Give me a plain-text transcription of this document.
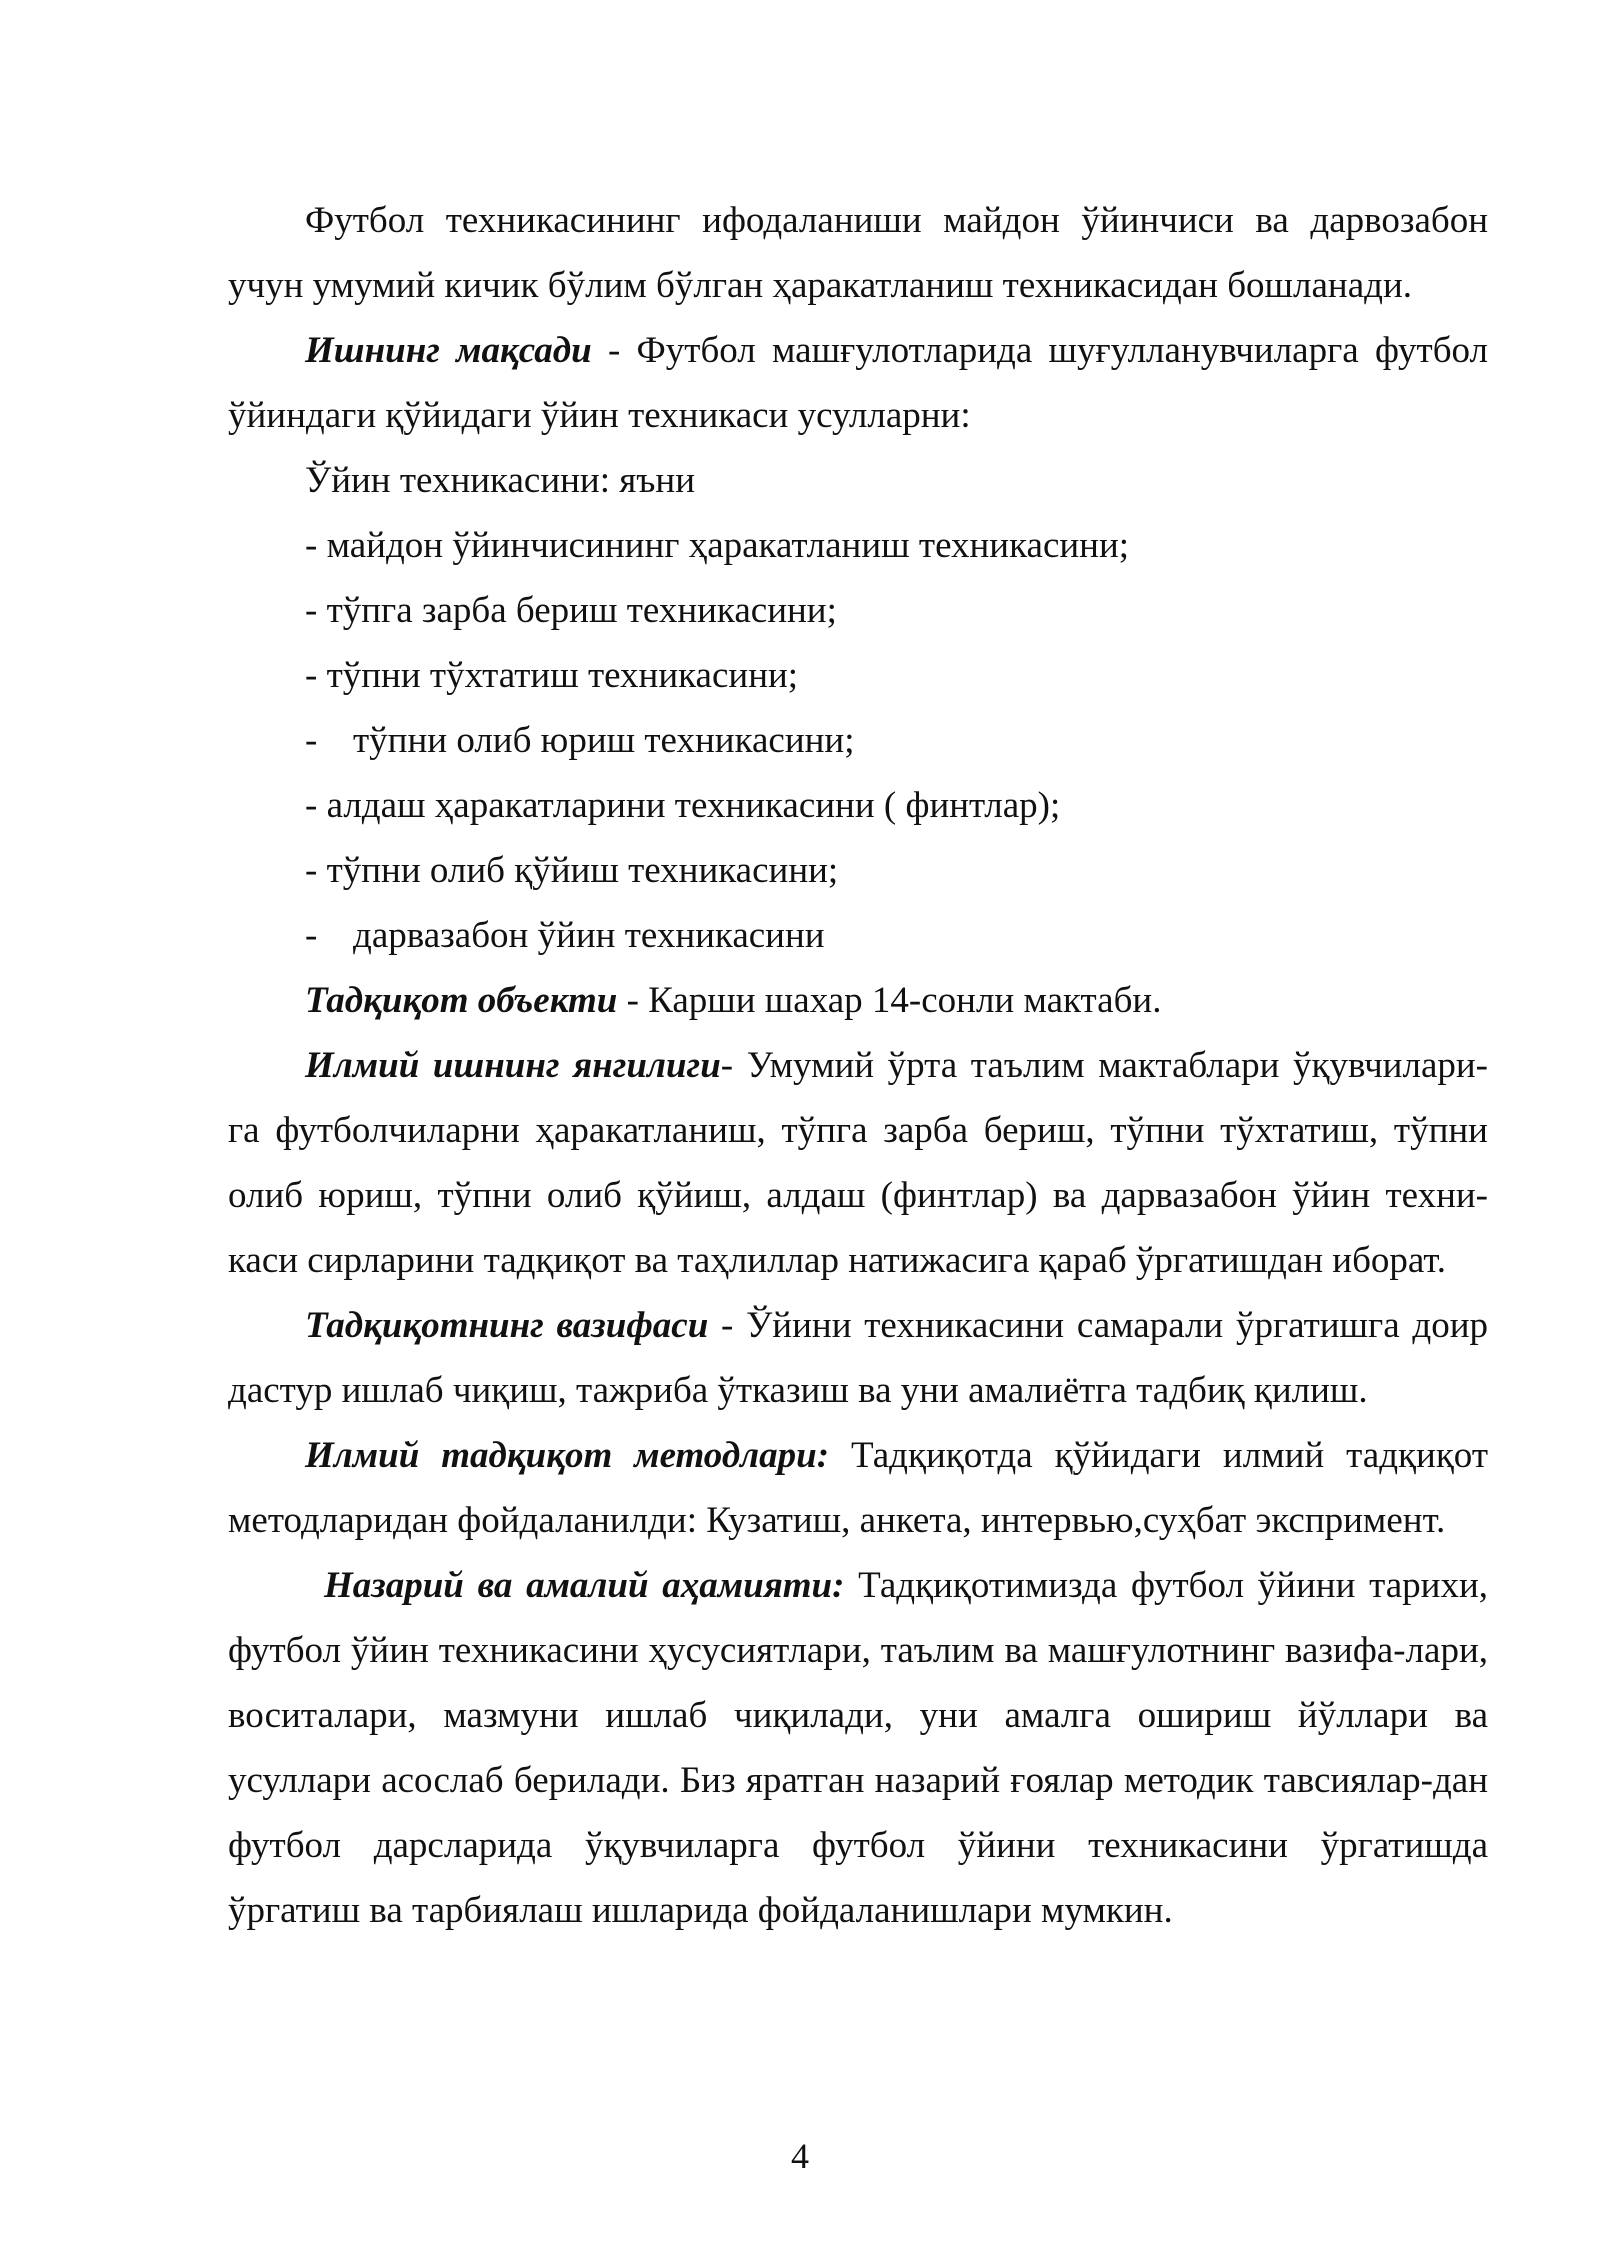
Футбол техникасининг ифодаланиши майдон ўйинчиси ва дарвозабон учун умумий кичик бўлим бўлган ҳаракатланиш техникасидан бошланади.

Ишнинг мақсади - Футбол машғулотларида шуғулланувчиларга футбол ўйиндаги қўйидаги ўйин техникаси усулларни:

Ўйин техникасини: яъни

- майдон ўйинчисининг ҳаракатланиш техникасини;

- тўпга зарба бериш техникасини;

- тўпни тўхтатиш техникасини;

- тўпни олиб юриш техникасини;

- алдаш ҳаракатларини техникасини ( финтлар);

- тўпни олиб қўйиш техникасини;

- дарвазабон ўйин техникасини

Тадқиқот объекти - Карши шахар 14-сонли мактаби.

Илмий ишнинг янгилиги- Умумий ўрта таълим мактаблари ўқувчилари-га футболчиларни ҳаракатланиш, тўпга зарба бериш, тўпни тўхтатиш, тўпни олиб юриш, тўпни олиб қўйиш, алдаш (финтлар) ва дарвазабон ўйин техни-каси сирларини тадқиқот ва таҳлиллар натижасига қараб ўргатишдан иборат.

Тадқиқотнинг вазифаси - Ўйини техникасини самарали ўргатишга доир дастур ишлаб чиқиш, тажриба ўтказиш ва уни амалиётга тадбиқ қилиш.

Илмий тадқиқот методлари: Тадқиқотда қўйидаги илмий тадқиқот методларидан фойдаланилди: Кузатиш, анкета, интервью,суҳбат экспримент.

Назарий ва амалий аҳамияти: Тадқиқотимизда футбол ўйини тарихи, футбол ўйин техникасини ҳусусиятлари, таълим ва машғулотнинг вазифа-лари, воситалари, мазмуни ишлаб чиқилади, уни амалга ошириш йўллари ва усуллари асослаб берилади. Биз яратган назарий ғоялар методик тавсиялар-дан футбол дарсларида ўқувчиларга футбол ўйини техникасини ўргатишда ўргатиш ва тарбиялаш ишларида фойдаланишлари мумкин.

4
